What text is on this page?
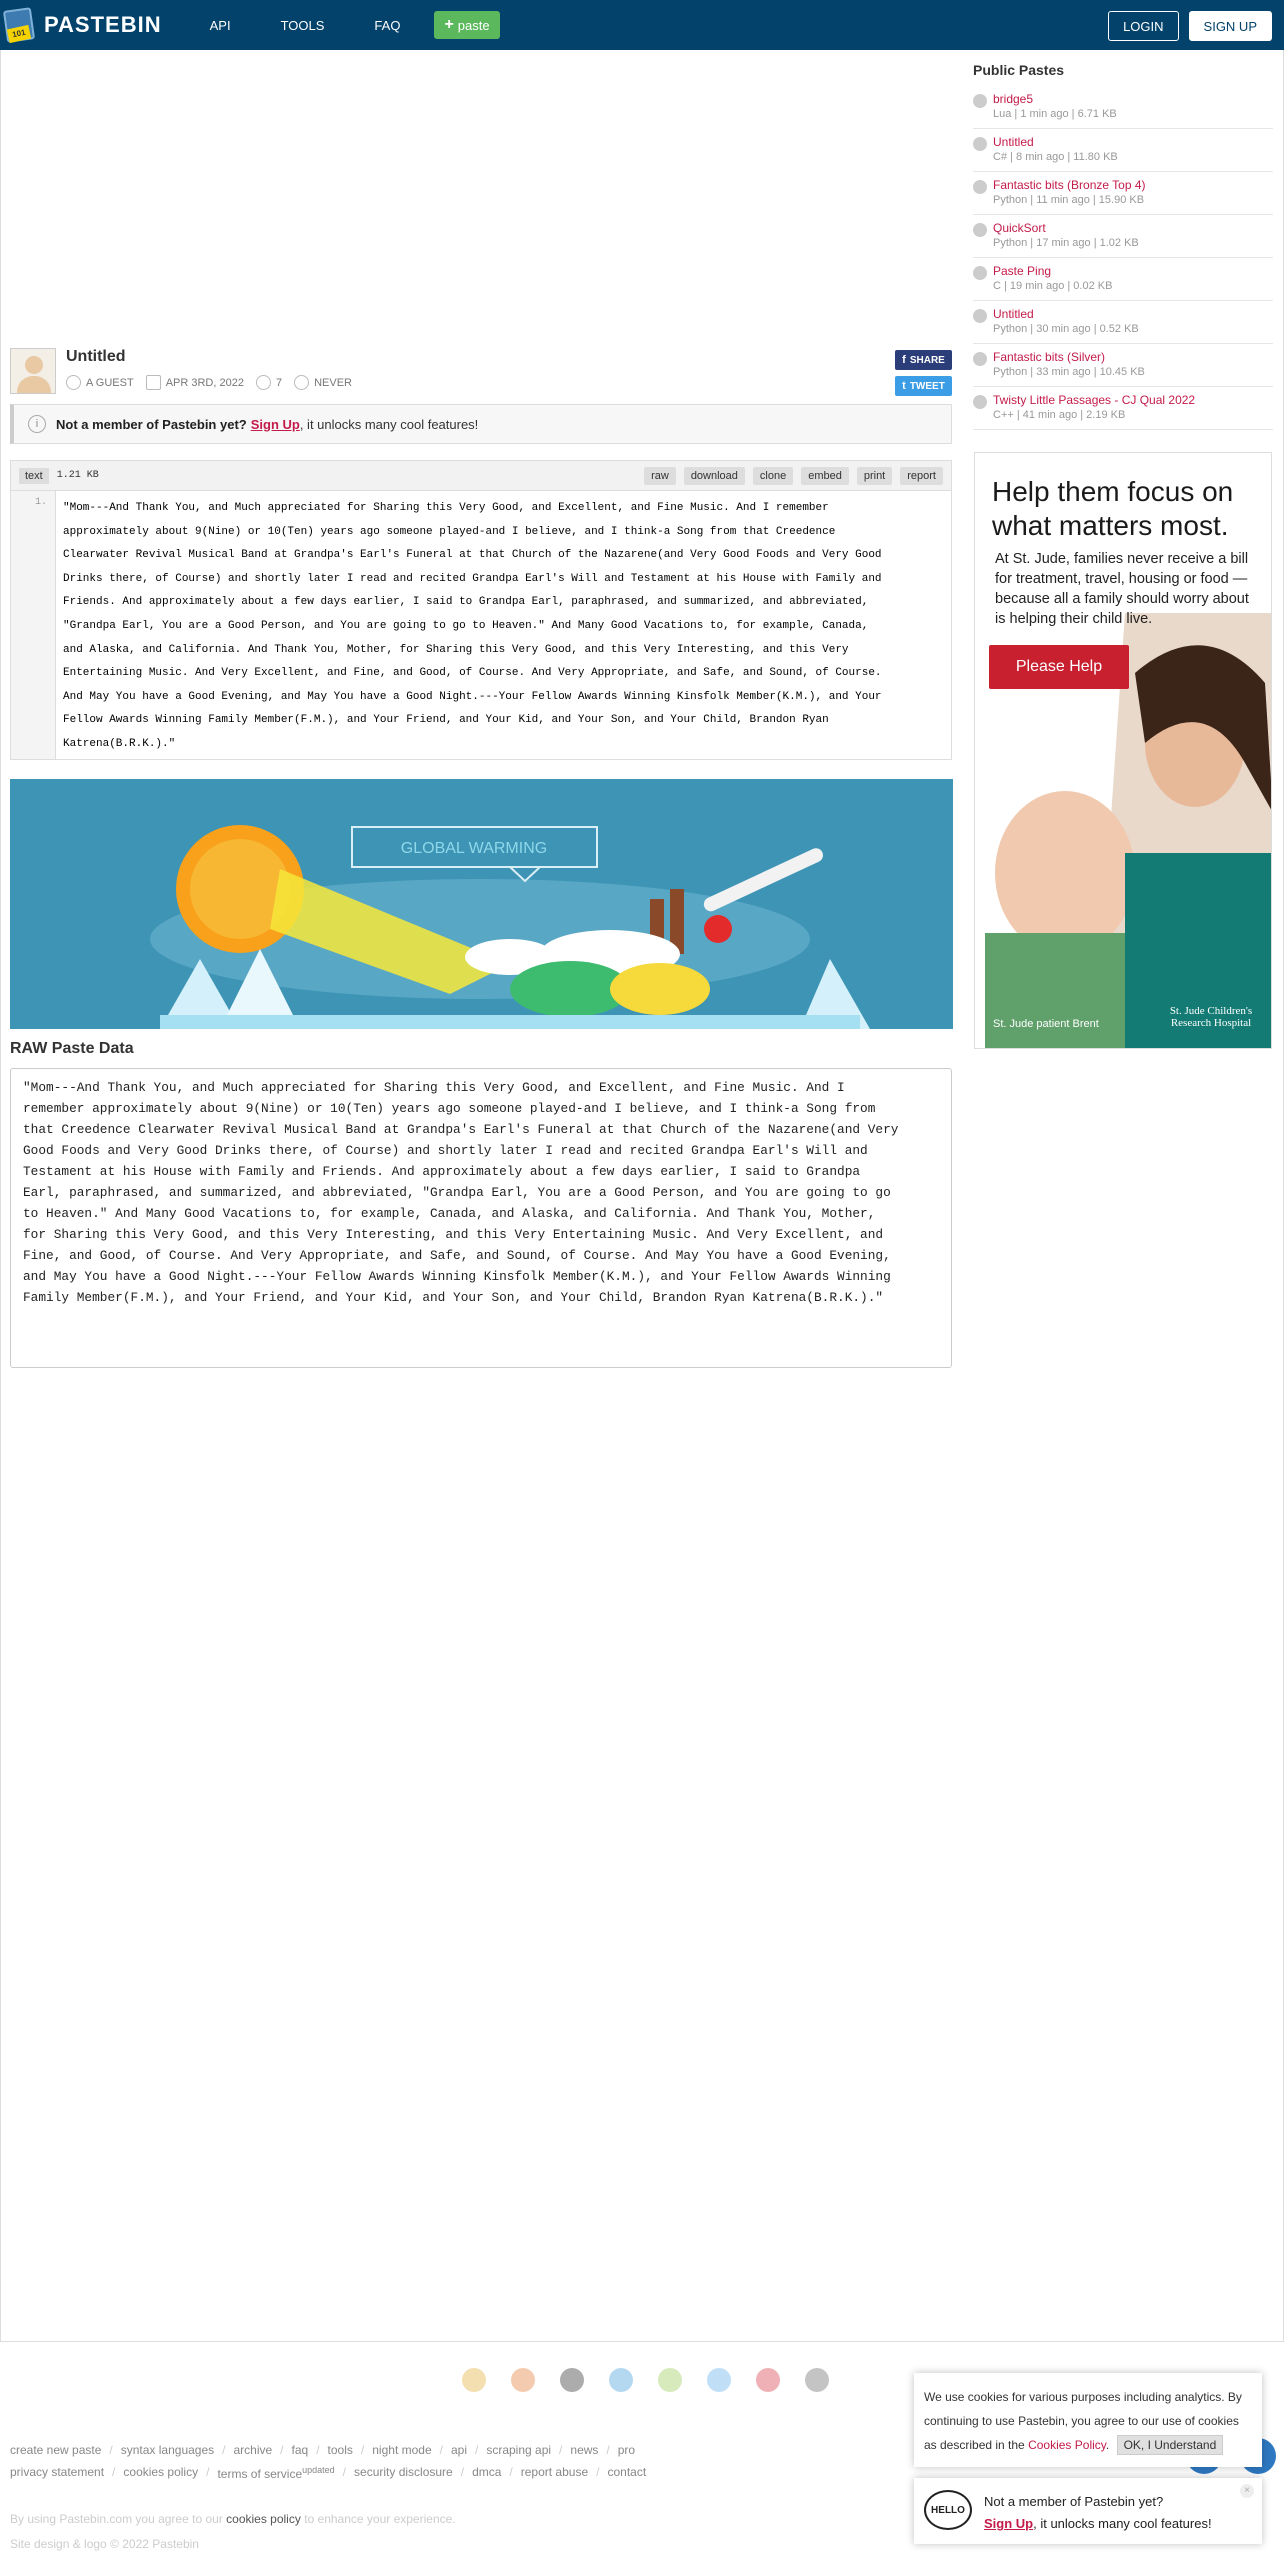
101 PASTEBIN	API	TOOLS	FAQ	+ paste	LOGIN	SIGN UP
Untitled
A GUEST	APR 3RD, 2022	7	NEVER
f SHARE
t TWEET
i	Not a member of Pastebin yet? Sign Up , it unlocks many cool features!
text	1.21 KB	raw	download	clone	embed	print	report
1.	"Mom---And Thank You, and Much appreciated for Sharing this Very Good, and Excellent, and Fine Music. And I remember
approximately about 9(Nine) or 10(Ten) years ago someone played-and I believe, and I think-a Song from that Creedence
Clearwater Revival Musical Band at Grandpa's Earl's Funeral at that Church of the Nazarene(and Very Good Foods and Very Good
Drinks there, of Course) and shortly later I read and recited Grandpa Earl's Will and Testament at his House with Family and
Friends. And approximately about a few days earlier, I said to Grandpa Earl, paraphrased, and summarized, and abbreviated,
"Grandpa Earl, You are a Good Person, and You are going to go to Heaven." And Many Good Vacations to, for example, Canada,
and Alaska, and California. And Thank You, Mother, for Sharing this Very Good, and this Very Interesting, and this Very
Entertaining Music. And Very Excellent, and Fine, and Good, of Course. And Very Appropriate, and Safe, and Sound, of Course.
And May You have a Good Evening, and May You have a Good Night.---Your Fellow Awards Winning Kinsfolk Member(K.M.), and Your
Fellow Awards Winning Family Member(F.M.), and Your Friend, and Your Kid, and Your Son, and Your Child, Brandon Ryan
Katrena(B.R.K.)."
GLOBAL WARMING
RAW Paste Data
"Mom---And Thank You, and Much appreciated for Sharing this Very Good, and Excellent, and Fine Music. And I
remember approximately about 9(Nine) or 10(Ten) years ago someone played-and I believe, and I think-a Song from
that Creedence Clearwater Revival Musical Band at Grandpa's Earl's Funeral at that Church of the Nazarene(and Very
Good Foods and Very Good Drinks there, of Course) and shortly later I read and recited Grandpa Earl's Will and
Testament at his House with Family and Friends. And approximately about a few days earlier, I said to Grandpa
Earl, paraphrased, and summarized, and abbreviated, "Grandpa Earl, You are a Good Person, and You are going to go
to Heaven." And Many Good Vacations to, for example, Canada, and Alaska, and California. And Thank You, Mother,
for Sharing this Very Good, and this Very Interesting, and this Very Entertaining Music. And Very Excellent, and
Fine, and Good, of Course. And Very Appropriate, and Safe, and Sound, of Course. And May You have a Good Evening,
and May You have a Good Night.---Your Fellow Awards Winning Kinsfolk Member(K.M.), and Your Fellow Awards Winning
Family Member(F.M.), and Your Friend, and Your Kid, and Your Son, and Your Child, Brandon Ryan Katrena(B.R.K.)."
Public Pastes
bridge5
Lua | 1 min ago | 6.71 KB
Untitled
C# | 8 min ago | 11.80 KB
Fantastic bits (Bronze Top 4)
Python | 11 min ago | 15.90 KB
QuickSort
Python | 17 min ago | 1.02 KB
Paste Ping
C | 19 min ago | 0.02 KB
Untitled
Python | 30 min ago | 0.52 KB
Fantastic bits (Silver)
Python | 33 min ago | 10.45 KB
Twisty Little Passages - CJ Qual 2022
C++ | 41 min ago | 2.19 KB
Help them focus on what matters most.
At St. Jude, families never receive a bill for treatment, travel, housing or food — because all a family should worry about is helping their child live.
Please Help
St. Jude patient Brent
St. Jude Children's Research Hospital
create new paste / syntax languages / archive / faq / tools / night mode / api / scraping api / news / pro
privacy statement / cookies policy / terms of service$^{updated}$ / security disclosure / dmca / report abuse / contact
By using Pastebin.com you agree to our cookies policy to enhance your experience.
Site design & logo © 2022 Pastebin
We use cookies for various purposes including analytics. By continuing to use Pastebin, you agree to our use of cookies as described in the Cookies Policy. OK, I Understand
HELLO
Not a member of Pastebin yet?
Sign Up, it unlocks many cool features!
×
